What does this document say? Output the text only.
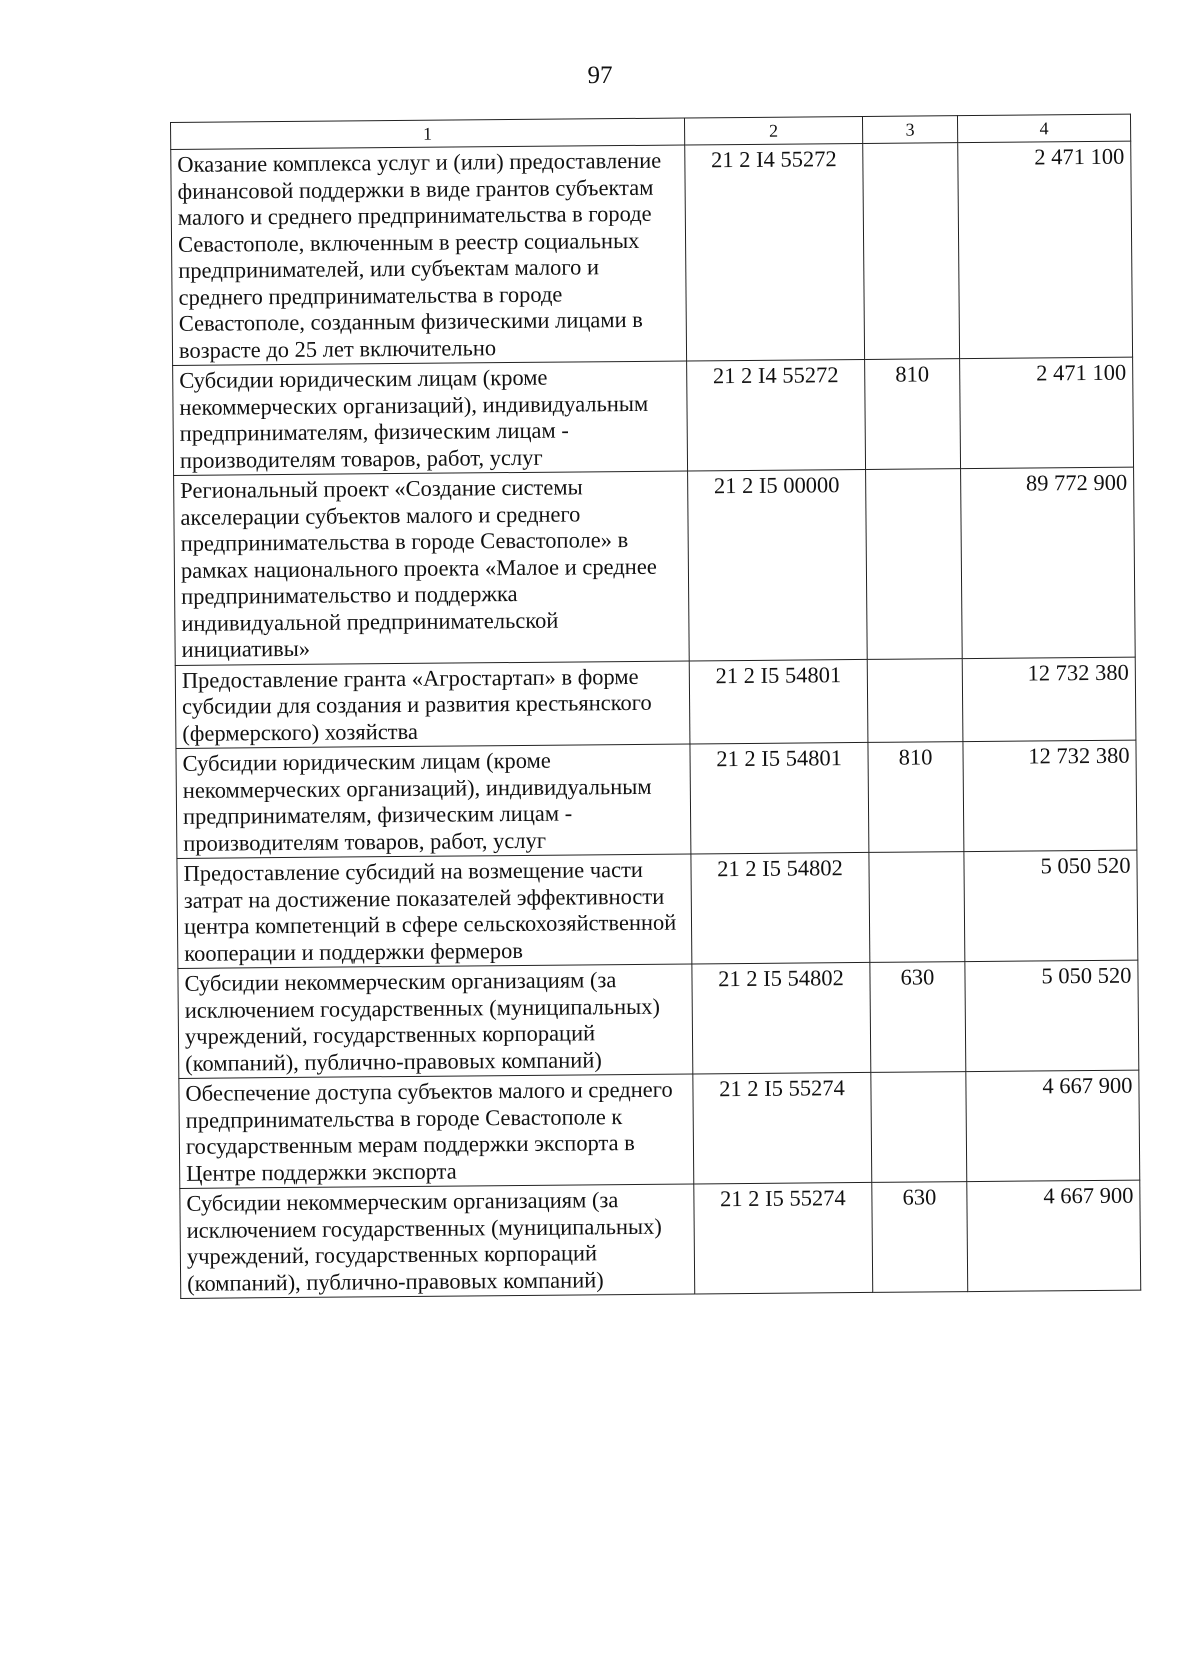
97
1	2	3	4
Оказание комплекса услуг и (или) предоставление финансовой поддержки в виде грантов субъектам малого и среднего предпринимательства в городе Севастополе, включенным в реестр социальных предпринимателей, или субъектам малого и среднего предпринимательства в городе Севастополе, созданным физическими лицами в возрасте до 25 лет включительно	21 2 I4 55272		2 471 100
Субсидии юридическим лицам (кроме некоммерческих организаций), индивидуальным предпринимателям, физическим лицам - производителям товаров, работ, услуг	21 2 I4 55272	810	2 471 100
Региональный проект «Создание системы акселерации субъектов малого и среднего предпринимательства в городе Севастополе» в рамках национального проекта «Малое и среднее предпринимательство и поддержка индивидуальной предпринимательской инициативы»	21 2 I5 00000		89 772 900
Предоставление гранта «Агростартап» в форме субсидии для создания и развития крестьянского (фермерского) хозяйства	21 2 I5 54801		12 732 380
Субсидии юридическим лицам (кроме некоммерческих организаций), индивидуальным предпринимателям, физическим лицам - производителям товаров, работ, услуг	21 2 I5 54801	810	12 732 380
Предоставление субсидий на возмещение части затрат на достижение показателей эффективности центра компетенций в сфере сельскохозяйственной кооперации и поддержки фермеров	21 2 I5 54802		5 050 520
Субсидии некоммерческим организациям (за исключением государственных (муниципальных) учреждений, государственных корпораций (компаний), публично-правовых компаний)	21 2 I5 54802	630	5 050 520
Обеспечение доступа субъектов малого и среднего предпринимательства в городе Севастополе к государственным мерам поддержки экспорта в Центре поддержки экспорта	21 2 I5 55274		4 667 900
Субсидии некоммерческим организациям (за исключением государственных (муниципальных) учреждений, государственных корпораций (компаний), публично-правовых компаний)	21 2 I5 55274	630	4 667 900
